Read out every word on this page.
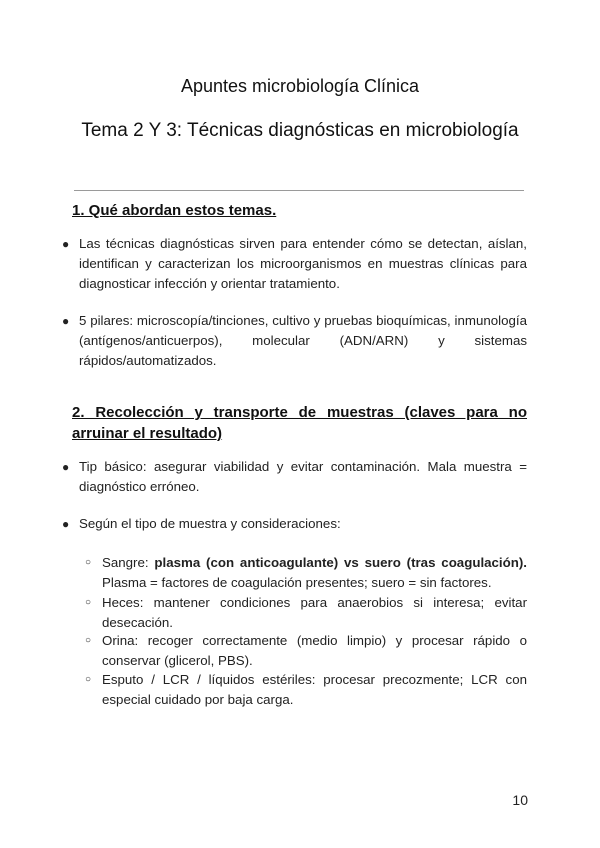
Apuntes microbiología Clínica
Tema 2 Y 3: Técnicas diagnósticas en microbiología
1. Qué abordan estos temas.
● Las técnicas diagnósticas sirven para entender cómo se detectan, aíslan, identifican y caracterizan los microorganismos en muestras clínicas para diagnosticar infección y orientar tratamiento.
● 5 pilares: microscopía/tinciones, cultivo y pruebas bioquímicas, inmunología (antígenos/anticuerpos), molecular (ADN/ARN) y sistemas rápidos/automatizados.
2. Recolección y transporte de muestras (claves para no arruinar el resultado)
● Tip básico: asegurar viabilidad y evitar contaminación. Mala muestra = diagnóstico erróneo.
● Según el tipo de muestra y consideraciones:
○ Sangre: plasma (con anticoagulante) vs suero (tras coagulación). Plasma = factores de coagulación presentes; suero = sin factores.
○ Heces: mantener condiciones para anaerobios si interesa; evitar desecación.
○ Orina: recoger correctamente (medio limpio) y procesar rápido o conservar (glicerol, PBS).
○ Esputo / LCR / líquidos estériles: procesar precozmente; LCR con especial cuidado por baja carga.
10
